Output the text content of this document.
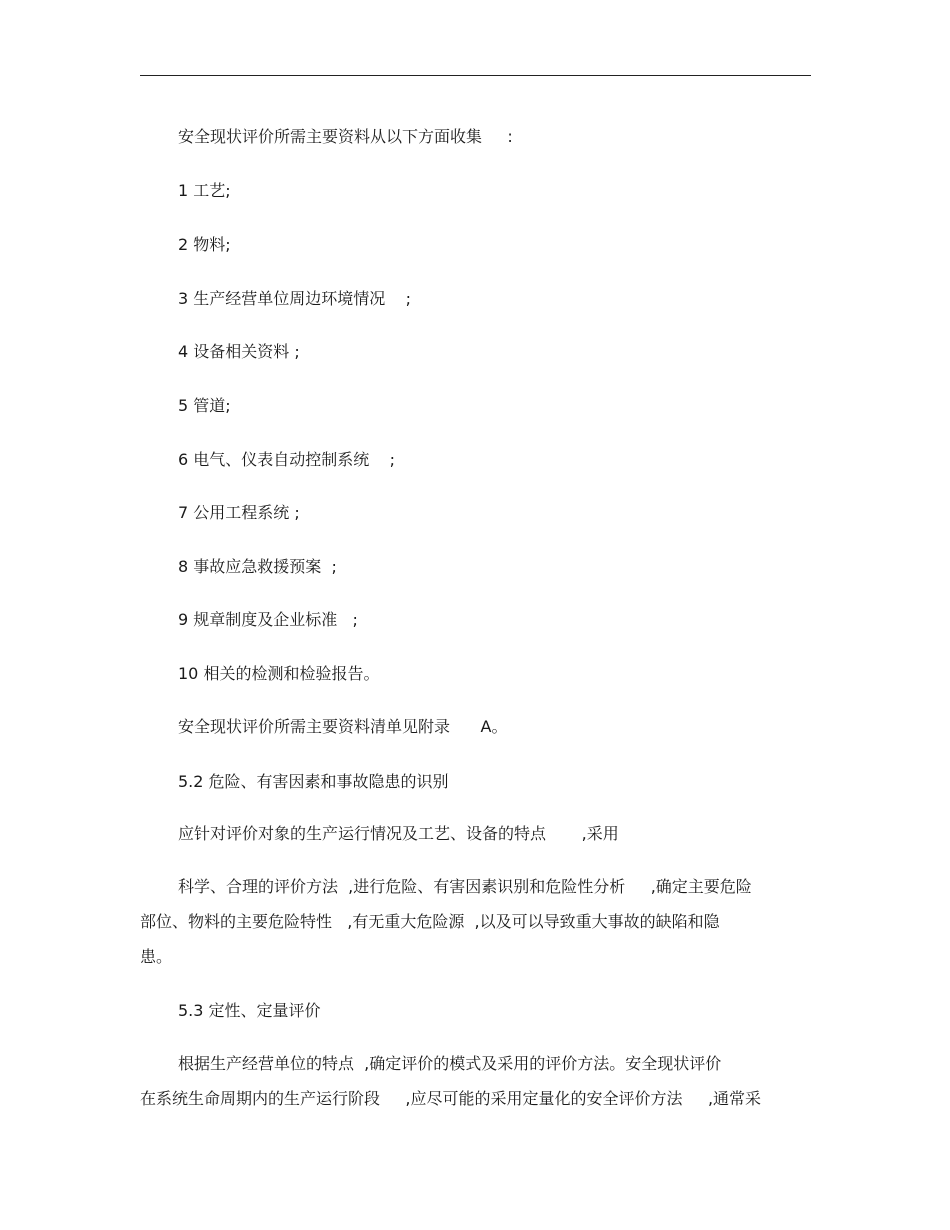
安全现状评价所需主要资料从以下方面收集     :
1 工艺;
2 物料;
3 生产经营单位周边环境情况    ;
4 设备相关资料 ;
5 管道;
6 电气、仪表自动控制系统    ;
7 公用工程系统 ;
8 事故应急救援预案  ;
9 规章制度及企业标准   ;
10 相关的检测和检验报告。
安全现状评价所需主要资料清单见附录      A。
5.2 危险、有害因素和事故隐患的识别
应针对评价对象的生产运行情况及工艺、设备的特点       ,采用
科学、合理的评价方法  ,进行危险、有害因素识别和危险性分析     ,确定主要危险
部位、物料的主要危险特性   ,有无重大危险源  ,以及可以导致重大事故的缺陷和隐
患。
5.3 定性、定量评价
根据生产经营单位的特点  ,确定评价的模式及采用的评价方法。安全现状评价
在系统生命周期内的生产运行阶段     ,应尽可能的采用定量化的安全评价方法     ,通常采
